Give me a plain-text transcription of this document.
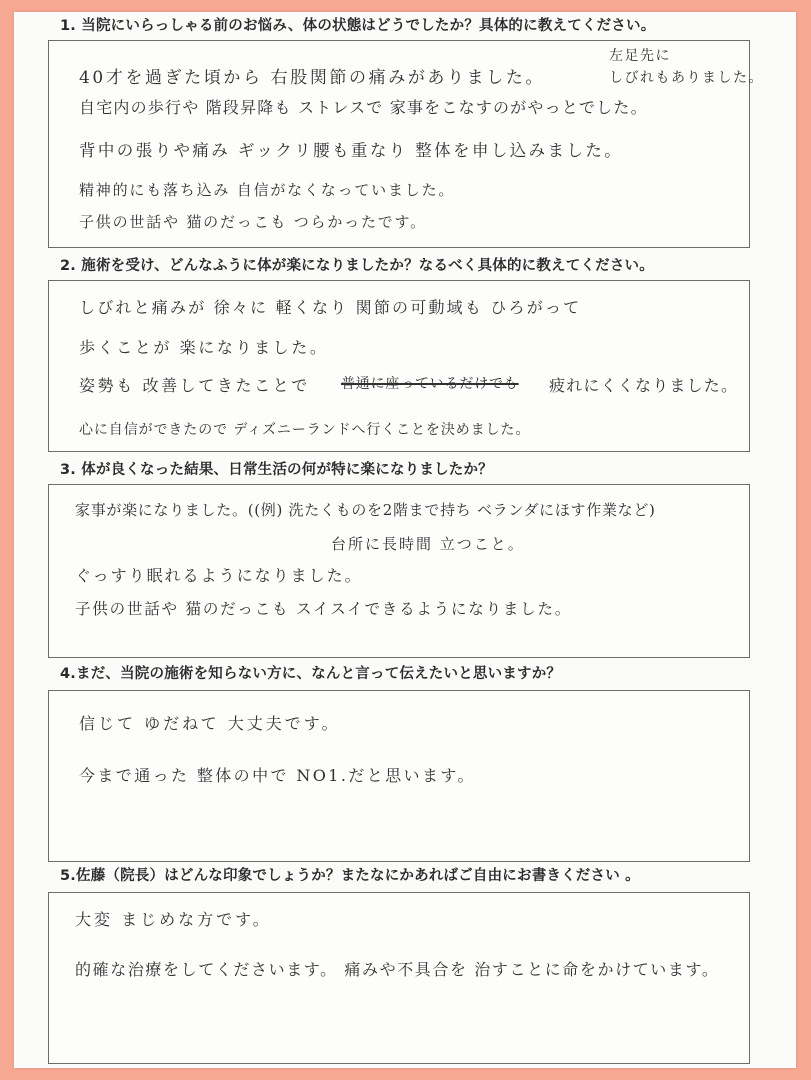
1. 当院にいらっしゃる前のお悩み、体の状態はどうでしたか？具体的に教えてください。
左足先に
40才を過ぎた頃から 右股関節の痛みがありました。	しびれもありました。
自宅内の歩行や 階段昇降も ストレスで 家事をこなすのがやっとでした。
背中の張りや痛み ギックリ腰も重なり 整体を申し込みました。
精神的にも落ち込み 自信がなくなっていました。
子供の世話や 猫のだっこも つらかったです。
2. 施術を受け、どんなふうに体が楽になりましたか？なるべく具体的に教えてください。
しびれと痛みが 徐々に 軽くなり 関節の可動域も ひろがって
歩くことが 楽になりました。
姿勢も 改善してきたことで 普通に座っているだけでも 疲れにくくなりました。
心に自信ができたので ディズニーランドへ行くことを決めました。
3. 体が良くなった結果、日常生活の何が特に楽になりましたか？
家事が楽になりました。((例) 洗たくものを2階まで持ち ベランダにほす作業など)
台所に長時間 立つこと。
ぐっすり眠れるようになりました。
子供の世話や 猫のだっこも スイスイできるようになりました。
4.まだ、当院の施術を知らない方に、なんと言って伝えたいと思いますか？
信じて ゆだねて 大丈夫です。
今まで通った 整体の中で NO1.だと思います。
5.佐藤（院長）はどんな印象でしょうか？またなにかあればご自由にお書きください 。
大変 まじめな方です。
的確な治療をしてくださいます。 痛みや不具合を 治すことに命をかけています。
